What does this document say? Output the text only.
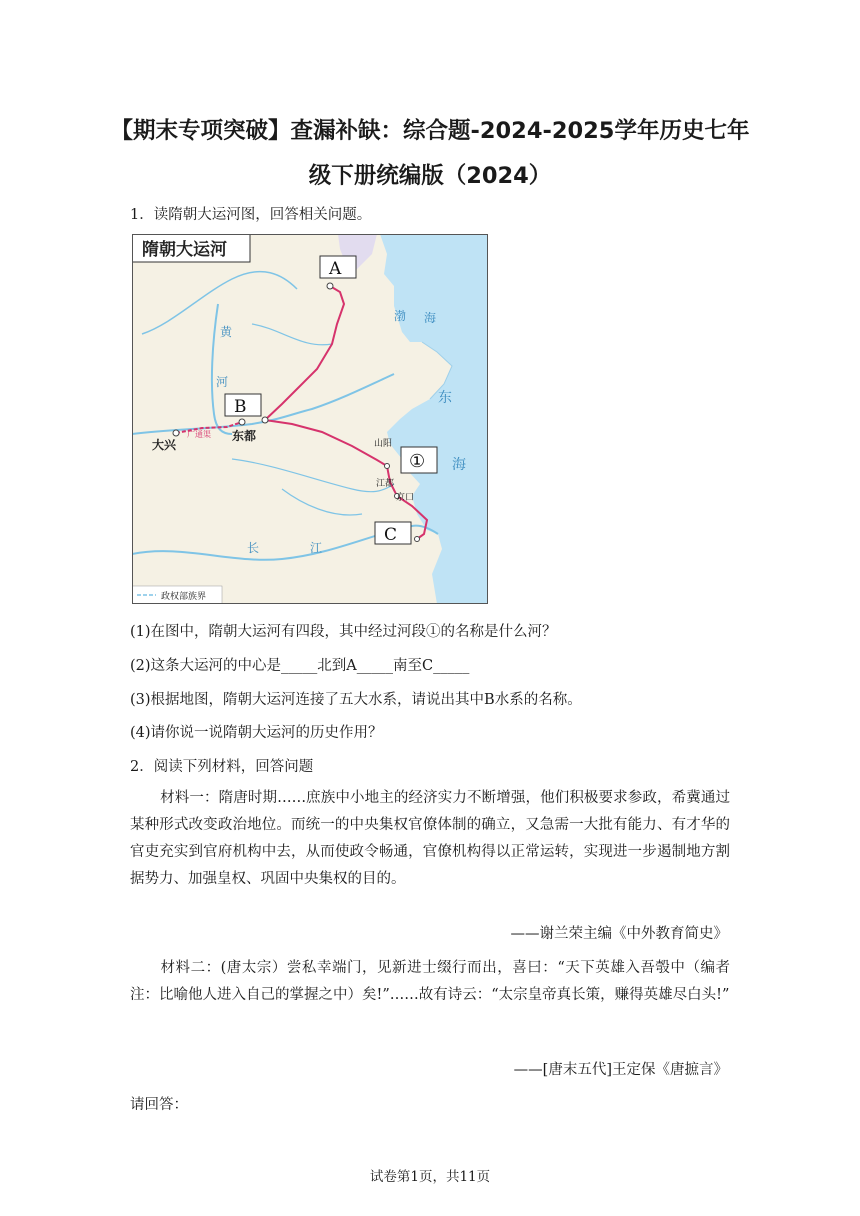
【期末专项突破】查漏补缺：综合题-2024-2025学年历史七年
级下册统编版（2024）
1．读隋朝大运河图，回答相关问题。
隋朝大运河
A
B
C
①
大兴
东都
广通渠
山阳
江都
京口
渤 海
东
海
黄
河
长	江
政权部族界
(1)在图中，隋朝大运河有四段，其中经过河段①的名称是什么河？
(2)这条大运河的中心是_____北到A_____南至C_____
(3)根据地图，隋朝大运河连接了五大水系，请说出其中B水系的名称。
(4)请你说一说隋朝大运河的历史作用？
2．阅读下列材料，回答问题
材料一：隋唐时期……庶族中小地主的经济实力不断增强，他们积极要求参政，希冀通过某种形式改变政治地位。而统一的中央集权官僚体制的确立，又急需一大批有能力、有才华的官吏充实到官府机构中去，从而使政令畅通，官僚机构得以正常运转，实现进一步遏制地方割据势力、加强皇权、巩固中央集权的目的。
——谢兰荣主编《中外教育简史》
材料二：(唐太宗）尝私幸端门，见新进士缀行而出，喜曰：“天下英雄入吾彀中（编者注：比喻他人进入自己的掌握之中）矣!”……故有诗云：“太宗皇帝真长策，赚得英雄尽白头!”
——[唐末五代]王定保《唐摭言》
请回答：
试卷第1页，共11页
